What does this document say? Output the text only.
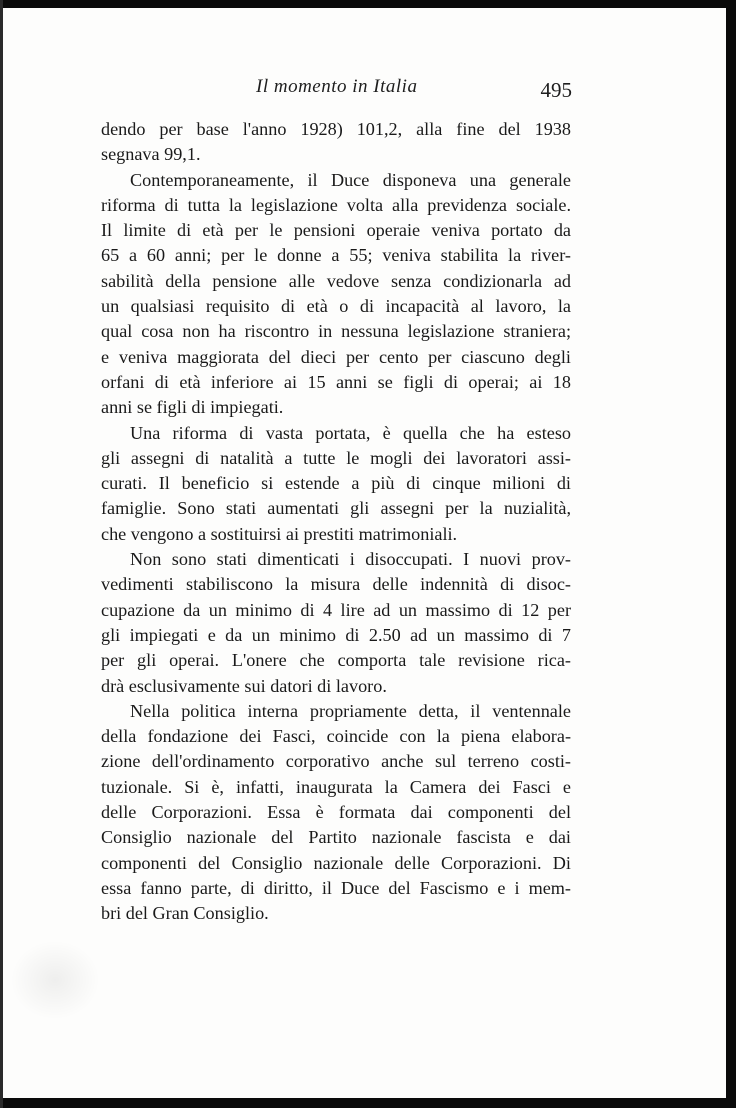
Il momento in Italia	495
dendo per base l'anno 1928) 101,2, alla fine del 1938
segnava 99,1.
Contemporaneamente, il Duce disponeva una generale
riforma di tutta la legislazione volta alla previdenza sociale.
Il limite di età per le pensioni operaie veniva portato da
65 a 60 anni; per le donne a 55; veniva stabilita la river-
sabilità della pensione alle vedove senza condizionarla ad
un qualsiasi requisito di età o di incapacità al lavoro, la
qual cosa non ha riscontro in nessuna legislazione straniera;
e veniva maggiorata del dieci per cento per ciascuno degli
orfani di età inferiore ai 15 anni se figli di operai; ai 18
anni se figli di impiegati.
Una riforma di vasta portata, è quella che ha esteso
gli assegni di natalità a tutte le mogli dei lavoratori assi-
curati. Il beneficio si estende a più di cinque milioni di
famiglie. Sono stati aumentati gli assegni per la nuzialità,
che vengono a sostituirsi ai prestiti matrimoniali.
Non sono stati dimenticati i disoccupati. I nuovi prov-
vedimenti stabiliscono la misura delle indennità di disoc-
cupazione da un minimo di 4 lire ad un massimo di 12 per
gli impiegati e da un minimo di 2.50 ad un massimo di 7
per gli operai. L'onere che comporta tale revisione rica-
drà esclusivamente sui datori di lavoro.
Nella politica interna propriamente detta, il ventennale
della fondazione dei Fasci, coincide con la piena elabora-
zione dell'ordinamento corporativo anche sul terreno costi-
tuzionale. Si è, infatti, inaugurata la Camera dei Fasci e
delle Corporazioni. Essa è formata dai componenti del
Consiglio nazionale del Partito nazionale fascista e dai
componenti del Consiglio nazionale delle Corporazioni. Di
essa fanno parte, di diritto, il Duce del Fascismo e i mem-
bri del Gran Consiglio.
